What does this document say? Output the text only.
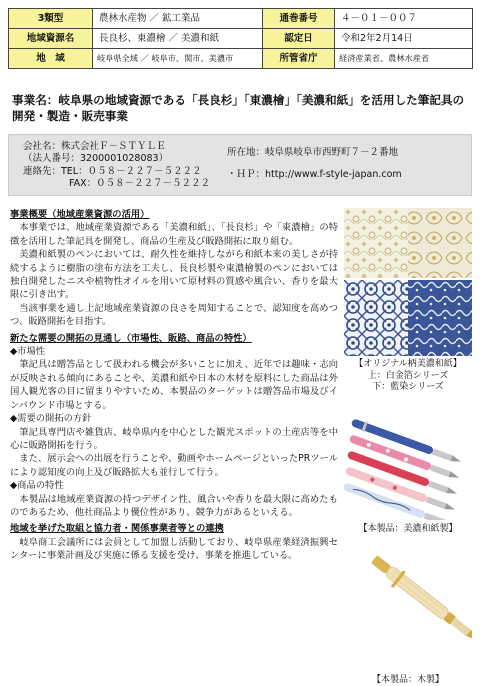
3類型	農林水産物 ／ 鉱工業品	通巻番号	４－０１－００７
地域資源名	長良杉、東濃檜 ／ 美濃和紙	認定日	令和2年2月14日
地　域	岐阜県全域 ／ 岐阜市、関市、美濃市	所管省庁	経済産業省、農林水産省
事業名：岐阜県の地域資源である「長良杉」「東濃檜」「美濃和紙」を活用した筆記具の開発・製造・販売事業
会社名：株式会社Ｆ－ＳＴＹＬＥ
（法人番号：3200001028083）
連絡先：TEL：０５８－２２７－５２２２
FAX：０５８－２２７－５２２２
所在地：岐阜県岐阜市西野町７－２番地
・ＨＰ：http://www.f-style-japan.com

事業概要（地域産業資源の活用）

本事業では、地域産業資源である「美濃和紙」、「長良杉」や「東濃檜」の特徴を活用した筆記具を開発し、商品の生産及び販路開拓に取り組む。

美濃和紙製のペンにおいては、耐久性を維持しながら和紙本来の美しさが持続するように樹脂の塗布方法を工夫し、長良杉製や東濃檜製のペンにおいては独自開発したニスや植物性オイルを用いて原材料の質感や風合い、香りを最大限に引き出す。

当該事業を通し上記地域産業資源の良さを周知することで、認知度を高めつつ、販路開拓を目指す。

新たな需要の開拓の見通し（市場性、販路、商品の特性）

◆市場性

筆記具は贈答品として扱われる機会が多いことに加え、近年では趣味・志向が反映される傾向にあることや、美濃和紙や日本の木材を原料にした商品は外国人観光客の目に留まりやすいため、本製品のターゲットは贈答品市場及びインバウンド市場とする。

◆需要の開拓の方針

筆記具専門店や雑貨店、岐阜県内を中心とした観光スポットの土産店等を中心に販路開拓を行う。

また、展示会への出展を行うことや、動画やホームページといったPRツールにより認知度の向上及び販路拡大も並行して行う。

◆商品の特性

本製品は地域産業資源の持つデザイン性、風合いや香りを最大限に高めたものであるため、他社商品より優位性があり、競争力があるといえる。

地域を挙げた取組と協力者・関係事業者等との連携

岐阜商工会議所には会員として加盟し活動しており、岐阜県産業経済振興センターに事業計画及び実施に係る支援を受け、事業を推進している。

【オリジナル柄美濃和紙】
上：白金箔シリーズ
下：藍染シリーズ
【本製品：美濃和紙製】
【本製品：木製】
